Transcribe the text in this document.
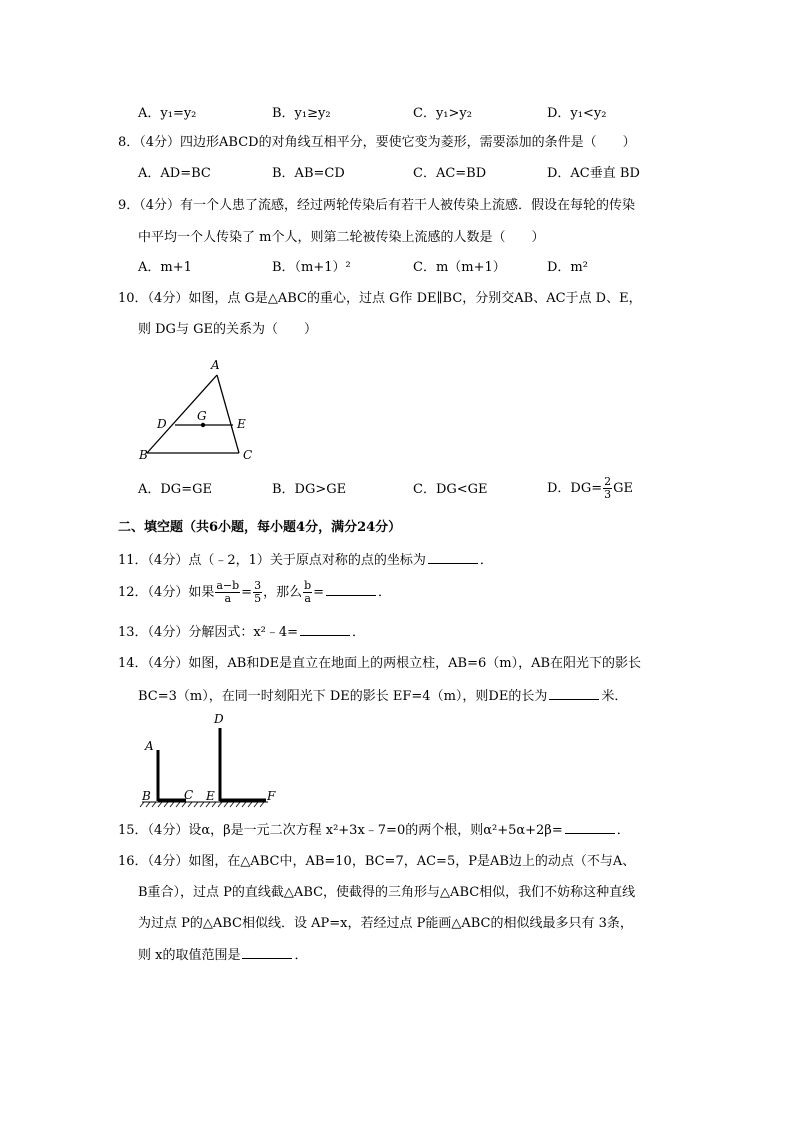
A．y₁=y₂	B．y₁≥y₂	C．y₁>y₂	D．y₁<y₂
8．（4分）四边形ABCD的对角线互相平分，要使它变为菱形，需要添加的条件是（　　）
A．AD=BC	B．AB=CD	C．AC=BD	D．AC垂直 BD
9．（4分）有一个人患了流感，经过两轮传染后有若干人被传染上流感．假设在每轮的传染
中平均一个人传染了 m个人，则第二轮被传染上流感的人数是（　　）
A．m+1	B．（m+1）²	C．m（m+1）	D．m²
10．（4分）如图，点 G是△ABC的重心，过点 G作 DE∥BC，分别交AB、AC于点 D、E，
则 DG与 GE的关系为（　　）
A
D
G
E
B	C
A．DG=GE	B．DG>GE	C．DG<GE	D．$DG= \frac{2}{3}$ GE
二、填空题（共6小题，每小题4分，满分24分）
11．（4分）点（﹣2，1）关于原点对称的点的坐标为	．
12．（4分）如果 $\frac{a-b}{a} = \frac{3}{5}$ ，那么 $\frac{b}{a}$ =	．
13．（4分）分解因式：x²﹣4=	．
14．（4分）如图，AB和DE是直立在地面上的两根立柱，AB=6（m），AB在阳光下的影长
BC=3（m），在同一时刻阳光下 DE的影长 EF=4（m），则DE的长为	米．
A
B	C
D
E	F
15．（4分）设α，β是一元二次方程 x²+3x﹣7=0的两个根，则α²+5α+2β=	．
16．（4分）如图，在△ABC中，AB=10，BC=7，AC=5，P是AB边上的动点（不与A、
B重合），过点 P的直线截△ABC，使截得的三角形与△ABC相似，我们不妨称这种直线
为过点 P的△ABC相似线．设 AP=x，若经过点 P能画△ABC的相似线最多只有 3条，
则 x的取值范围是	．
